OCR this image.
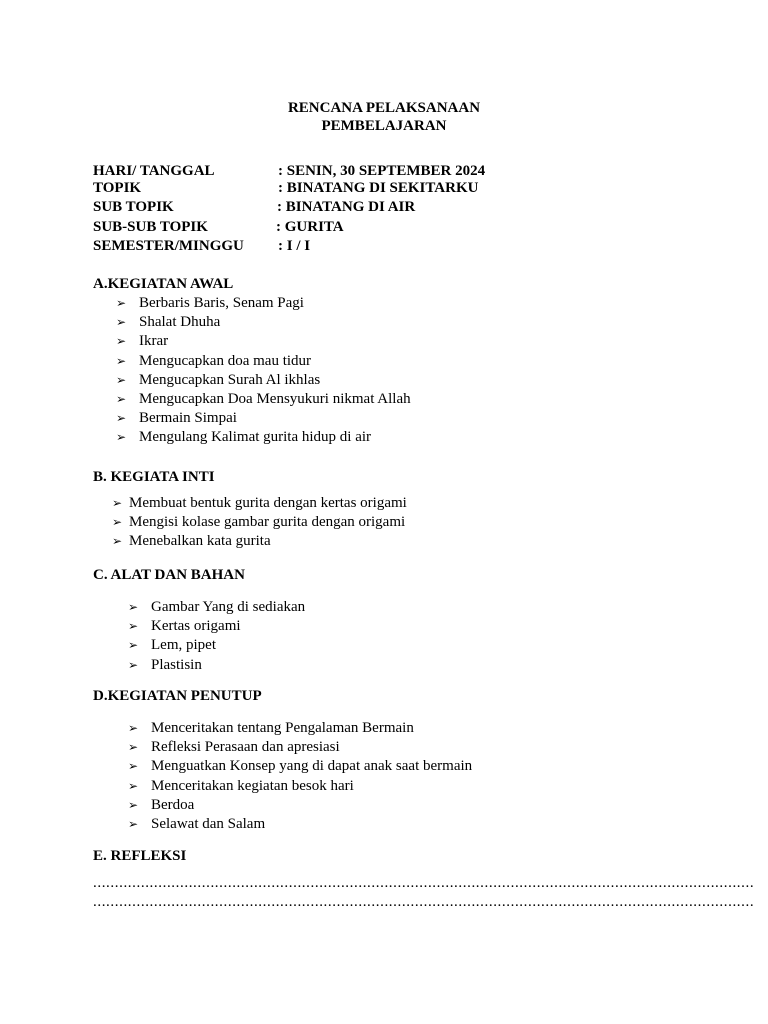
RENCANA PELAKSANAAN
PEMBELAJARAN
HARI/ TANGGAL	: SENIN, 30 SEPTEMBER 2024
TOPIK	: BINATANG DI SEKITARKU
SUB TOPIK	: BINATANG DI AIR
SUB-SUB TOPIK	: GURITA
SEMESTER/MINGGU : I / I
A.KEGIATAN AWAL
➢ Berbaris Baris, Senam Pagi
➢ Shalat Dhuha
➢ Ikrar
➢ Mengucapkan doa mau tidur
➢ Mengucapkan Surah Al ikhlas
➢ Mengucapkan Doa Mensyukuri nikmat Allah
➢ Bermain Simpai
➢ Mengulang Kalimat gurita hidup di air
B. KEGIATA INTI
➢ Membuat bentuk gurita dengan kertas origami
➢ Mengisi kolase gambar gurita dengan origami
➢ Menebalkan kata gurita
C. ALAT DAN BAHAN
➢ Gambar Yang di sediakan
➢ Kertas origami
➢ Lem, pipet
➢ Plastisin
D.KEGIATAN PENUTUP
➢ Menceritakan tentang Pengalaman Bermain
➢ Refleksi Perasaan dan apresiasi
➢ Menguatkan Konsep yang di dapat anak saat bermain
➢ Menceritakan kegiatan besok hari
➢ Berdoa
➢ Selawat dan Salam
E. REFLEKSI
........................................................................................................................................................
........................................................................................................................................................
